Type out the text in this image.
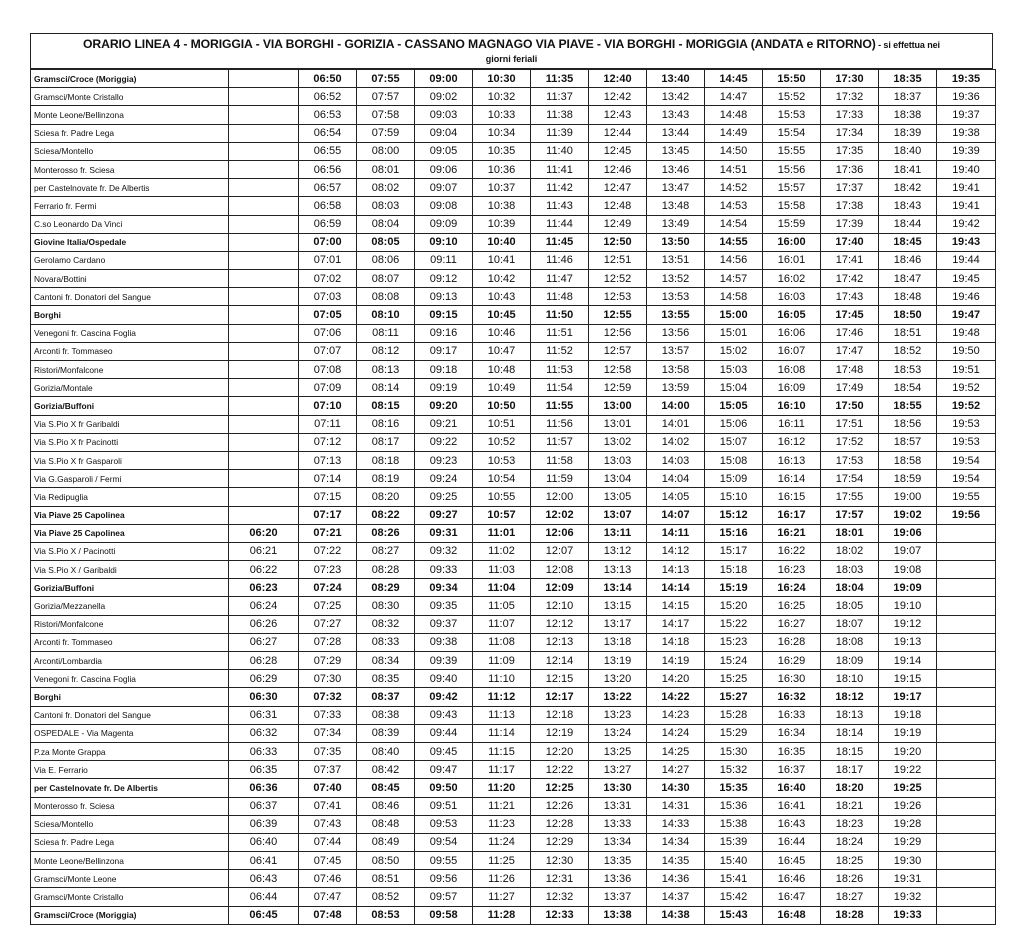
ORARIO LINEA 4 - MORIGGIA - VIA BORGHI - GORIZIA - CASSANO MAGNAGO VIA PIAVE - VIA BORGHI - MORIGGIA (ANDATA e RITORNO) - si effettua nei
giorni feriali
Gramsci/Croce (Moriggia)		06:50	07:55	09:00	10:30	11:35	12:40	13:40	14:45	15:50	17:30	18:35	19:35
Gramsci/Monte Cristallo		06:52	07:57	09:02	10:32	11:37	12:42	13:42	14:47	15:52	17:32	18:37	19:36
Monte Leone/Bellinzona		06:53	07:58	09:03	10:33	11:38	12:43	13:43	14:48	15:53	17:33	18:38	19:37
Sciesa fr. Padre Lega		06:54	07:59	09:04	10:34	11:39	12:44	13:44	14:49	15:54	17:34	18:39	19:38
Sciesa/Montello		06:55	08:00	09:05	10:35	11:40	12:45	13:45	14:50	15:55	17:35	18:40	19:39
Monterosso fr. Sciesa		06:56	08:01	09:06	10:36	11:41	12:46	13:46	14:51	15:56	17:36	18:41	19:40
per Castelnovate fr. De Albertis		06:57	08:02	09:07	10:37	11:42	12:47	13:47	14:52	15:57	17:37	18:42	19:41
Ferrario fr. Fermi		06:58	08:03	09:08	10:38	11:43	12:48	13:48	14:53	15:58	17:38	18:43	19:41
C.so Leonardo Da Vinci		06:59	08:04	09:09	10:39	11:44	12:49	13:49	14:54	15:59	17:39	18:44	19:42
Giovine Italia/Ospedale		07:00	08:05	09:10	10:40	11:45	12:50	13:50	14:55	16:00	17:40	18:45	19:43
Gerolamo Cardano		07:01	08:06	09:11	10:41	11:46	12:51	13:51	14:56	16:01	17:41	18:46	19:44
Novara/Bottini		07:02	08:07	09:12	10:42	11:47	12:52	13:52	14:57	16:02	17:42	18:47	19:45
Cantoni fr. Donatori del Sangue		07:03	08:08	09:13	10:43	11:48	12:53	13:53	14:58	16:03	17:43	18:48	19:46
Borghi		07:05	08:10	09:15	10:45	11:50	12:55	13:55	15:00	16:05	17:45	18:50	19:47
Venegoni fr. Cascina Foglia		07:06	08:11	09:16	10:46	11:51	12:56	13:56	15:01	16:06	17:46	18:51	19:48
Arconti fr. Tommaseo		07:07	08:12	09:17	10:47	11:52	12:57	13:57	15:02	16:07	17:47	18:52	19:50
Ristori/Monfalcone		07:08	08:13	09:18	10:48	11:53	12:58	13:58	15:03	16:08	17:48	18:53	19:51
Gorizia/Montale		07:09	08:14	09:19	10:49	11:54	12:59	13:59	15:04	16:09	17:49	18:54	19:52
Gorizia/Buffoni		07:10	08:15	09:20	10:50	11:55	13:00	14:00	15:05	16:10	17:50	18:55	19:52
Via S.Pio X fr Garibaldi		07:11	08:16	09:21	10:51	11:56	13:01	14:01	15:06	16:11	17:51	18:56	19:53
Via S.Pio X fr Pacinotti		07:12	08:17	09:22	10:52	11:57	13:02	14:02	15:07	16:12	17:52	18:57	19:53
Via S.Pio X fr Gasparoli		07:13	08:18	09:23	10:53	11:58	13:03	14:03	15:08	16:13	17:53	18:58	19:54
Via G.Gasparoli / Fermi		07:14	08:19	09:24	10:54	11:59	13:04	14:04	15:09	16:14	17:54	18:59	19:54
Via Redipuglia		07:15	08:20	09:25	10:55	12:00	13:05	14:05	15:10	16:15	17:55	19:00	19:55
Via Piave 25 Capolinea		07:17	08:22	09:27	10:57	12:02	13:07	14:07	15:12	16:17	17:57	19:02	19:56
Via Piave 25 Capolinea	06:20	07:21	08:26	09:31	11:01	12:06	13:11	14:11	15:16	16:21	18:01	19:06	
Via S.Pio X / Pacinotti	06:21	07:22	08:27	09:32	11:02	12:07	13:12	14:12	15:17	16:22	18:02	19:07	
Via S.Pio X / Garibaldi	06:22	07:23	08:28	09:33	11:03	12:08	13:13	14:13	15:18	16:23	18:03	19:08	
Gorizia/Buffoni	06:23	07:24	08:29	09:34	11:04	12:09	13:14	14:14	15:19	16:24	18:04	19:09	
Gorizia/Mezzanella	06:24	07:25	08:30	09:35	11:05	12:10	13:15	14:15	15:20	16:25	18:05	19:10	
Ristori/Monfalcone	06:26	07:27	08:32	09:37	11:07	12:12	13:17	14:17	15:22	16:27	18:07	19:12	
Arconti fr. Tommaseo	06:27	07:28	08:33	09:38	11:08	12:13	13:18	14:18	15:23	16:28	18:08	19:13	
Arconti/Lombardia	06:28	07:29	08:34	09:39	11:09	12:14	13:19	14:19	15:24	16:29	18:09	19:14	
Venegoni fr. Cascina Foglia	06:29	07:30	08:35	09:40	11:10	12:15	13:20	14:20	15:25	16:30	18:10	19:15	
Borghi	06:30	07:32	08:37	09:42	11:12	12:17	13:22	14:22	15:27	16:32	18:12	19:17	
Cantoni fr. Donatori del Sangue	06:31	07:33	08:38	09:43	11:13	12:18	13:23	14:23	15:28	16:33	18:13	19:18	
OSPEDALE - Via Magenta	06:32	07:34	08:39	09:44	11:14	12:19	13:24	14:24	15:29	16:34	18:14	19:19	
P.za Monte Grappa	06:33	07:35	08:40	09:45	11:15	12:20	13:25	14:25	15:30	16:35	18:15	19:20	
Via E. Ferrario	06:35	07:37	08:42	09:47	11:17	12:22	13:27	14:27	15:32	16:37	18:17	19:22	
per Castelnovate fr. De Albertis	06:36	07:40	08:45	09:50	11:20	12:25	13:30	14:30	15:35	16:40	18:20	19:25	
Monterosso fr. Sciesa	06:37	07:41	08:46	09:51	11:21	12:26	13:31	14:31	15:36	16:41	18:21	19:26	
Sciesa/Montello	06:39	07:43	08:48	09:53	11:23	12:28	13:33	14:33	15:38	16:43	18:23	19:28	
Sciesa fr. Padre Lega	06:40	07:44	08:49	09:54	11:24	12:29	13:34	14:34	15:39	16:44	18:24	19:29	
Monte Leone/Bellinzona	06:41	07:45	08:50	09:55	11:25	12:30	13:35	14:35	15:40	16:45	18:25	19:30	
Gramsci/Monte Leone	06:43	07:46	08:51	09:56	11:26	12:31	13:36	14:36	15:41	16:46	18:26	19:31	
Gramsci/Monte Cristallo	06:44	07:47	08:52	09:57	11:27	12:32	13:37	14:37	15:42	16:47	18:27	19:32	
Gramsci/Croce (Moriggia)	06:45	07:48	08:53	09:58	11:28	12:33	13:38	14:38	15:43	16:48	18:28	19:33	
